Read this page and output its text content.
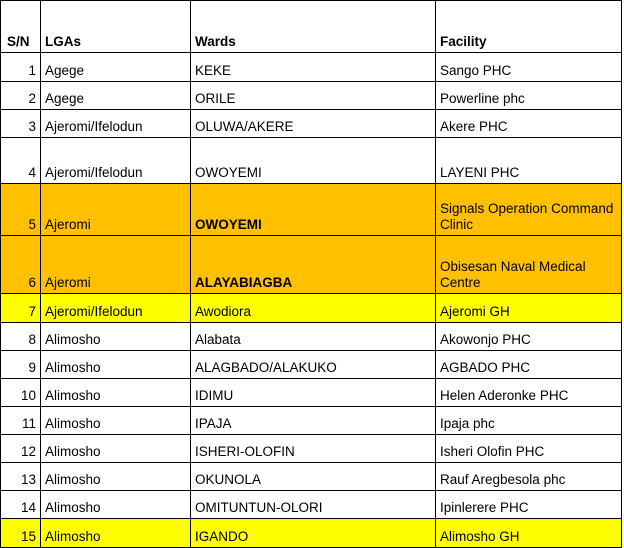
S/N	LGAs	Wards	Facility
1	Agege	KEKE	Sango PHC
2	Agege	ORILE	Powerline phc
3	Ajeromi/Ifelodun	OLUWA/AKERE	Akere PHC
4	Ajeromi/Ifelodun	OWOYEMI	LAYENI PHC
5	Ajeromi	OWOYEMI	Signals Operation Command Clinic
6	Ajeromi	ALAYABIAGBA	Obisesan Naval Medical Centre
7	Ajeromi/Ifelodun	Awodiora	Ajeromi GH
8	Alimosho	Alabata	Akowonjo PHC
9	Alimosho	ALAGBADO/ALAKUKO	AGBADO PHC
10	Alimosho	IDIMU	Helen Aderonke PHC
11	Alimosho	IPAJA	Ipaja phc
12	Alimosho	ISHERI-OLOFIN	Isheri Olofin PHC
13	Alimosho	OKUNOLA	Rauf Aregbesola phc
14	Alimosho	OMITUNTUN-OLORI	Ipinlerere PHC
15	Alimosho	IGANDO	Alimosho GH
